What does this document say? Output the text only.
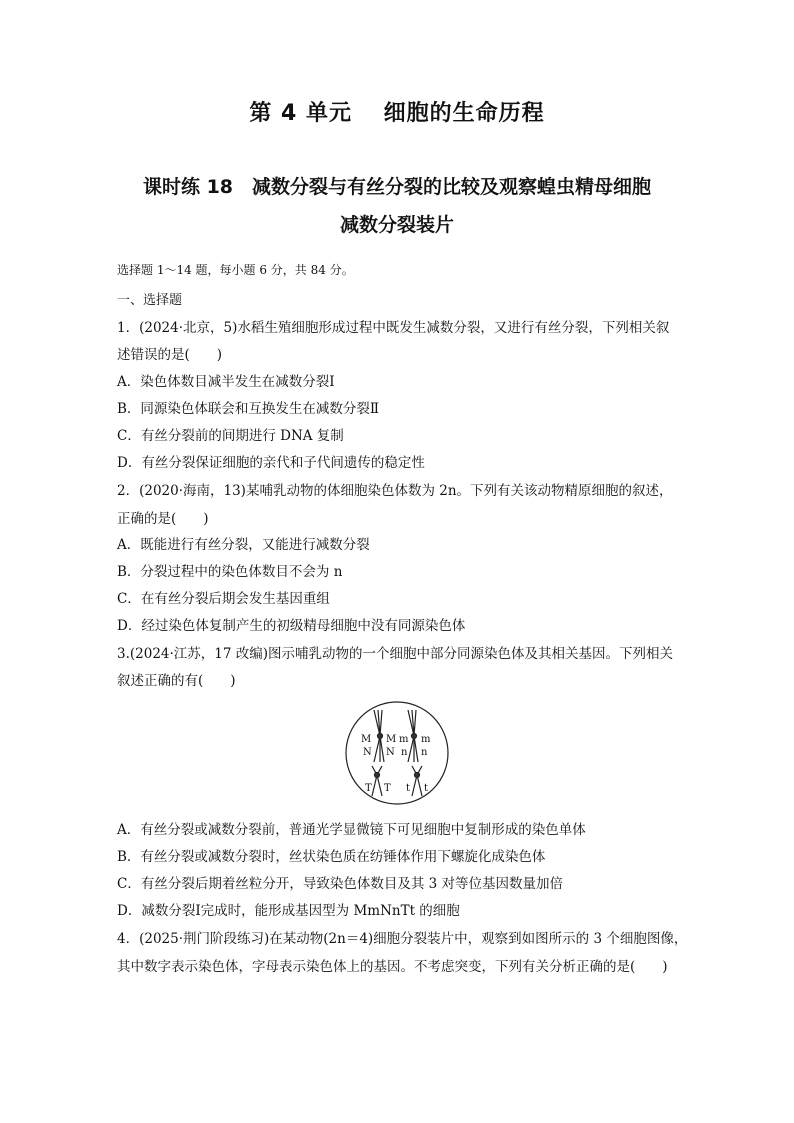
第 4 单元　 细胞的生命历程
课时练 18　减数分裂与有丝分裂的比较及观察蝗虫精母细胞
减数分裂装片
选择题 1～14 题，每小题 6 分，共 84 分。
一、选择题
1．(2024·北京，5)水稻生殖细胞形成过程中既发生减数分裂，又进行有丝分裂，下列相关叙
述错误的是(　　)
A．染色体数目减半发生在减数分裂Ⅰ
B．同源染色体联会和互换发生在减数分裂Ⅱ
C．有丝分裂前的间期进行 DNA 复制
D．有丝分裂保证细胞的亲代和子代间遗传的稳定性
2．(2020·海南，13)某哺乳动物的体细胞染色体数为 2n。下列有关该动物精原细胞的叙述，
正确的是(　　)
A．既能进行有丝分裂，又能进行减数分裂
B．分裂过程中的染色体数目不会为 n
C．在有丝分裂后期会发生基因重组
D．经过染色体复制产生的初级精母细胞中没有同源染色体
3.(2024·江苏，17 改编)图示哺乳动物的一个细胞中部分同源染色体及其相关基因。下列相关
叙述正确的有(　　)
M M
N N
m m
n n
T T t t
A．有丝分裂或减数分裂前，普通光学显微镜下可见细胞中复制形成的染色单体
B．有丝分裂或减数分裂时，丝状染色质在纺锤体作用下螺旋化成染色体
C．有丝分裂后期着丝粒分开，导致染色体数目及其 3 对等位基因数量加倍
D．减数分裂Ⅰ完成时，能形成基因型为 MmNnTt 的细胞
4．(2025·荆门阶段练习)在某动物(2n＝4)细胞分裂装片中，观察到如图所示的 3 个细胞图像，
其中数字表示染色体，字母表示染色体上的基因。不考虑突变，下列有关分析正确的是(　　)
